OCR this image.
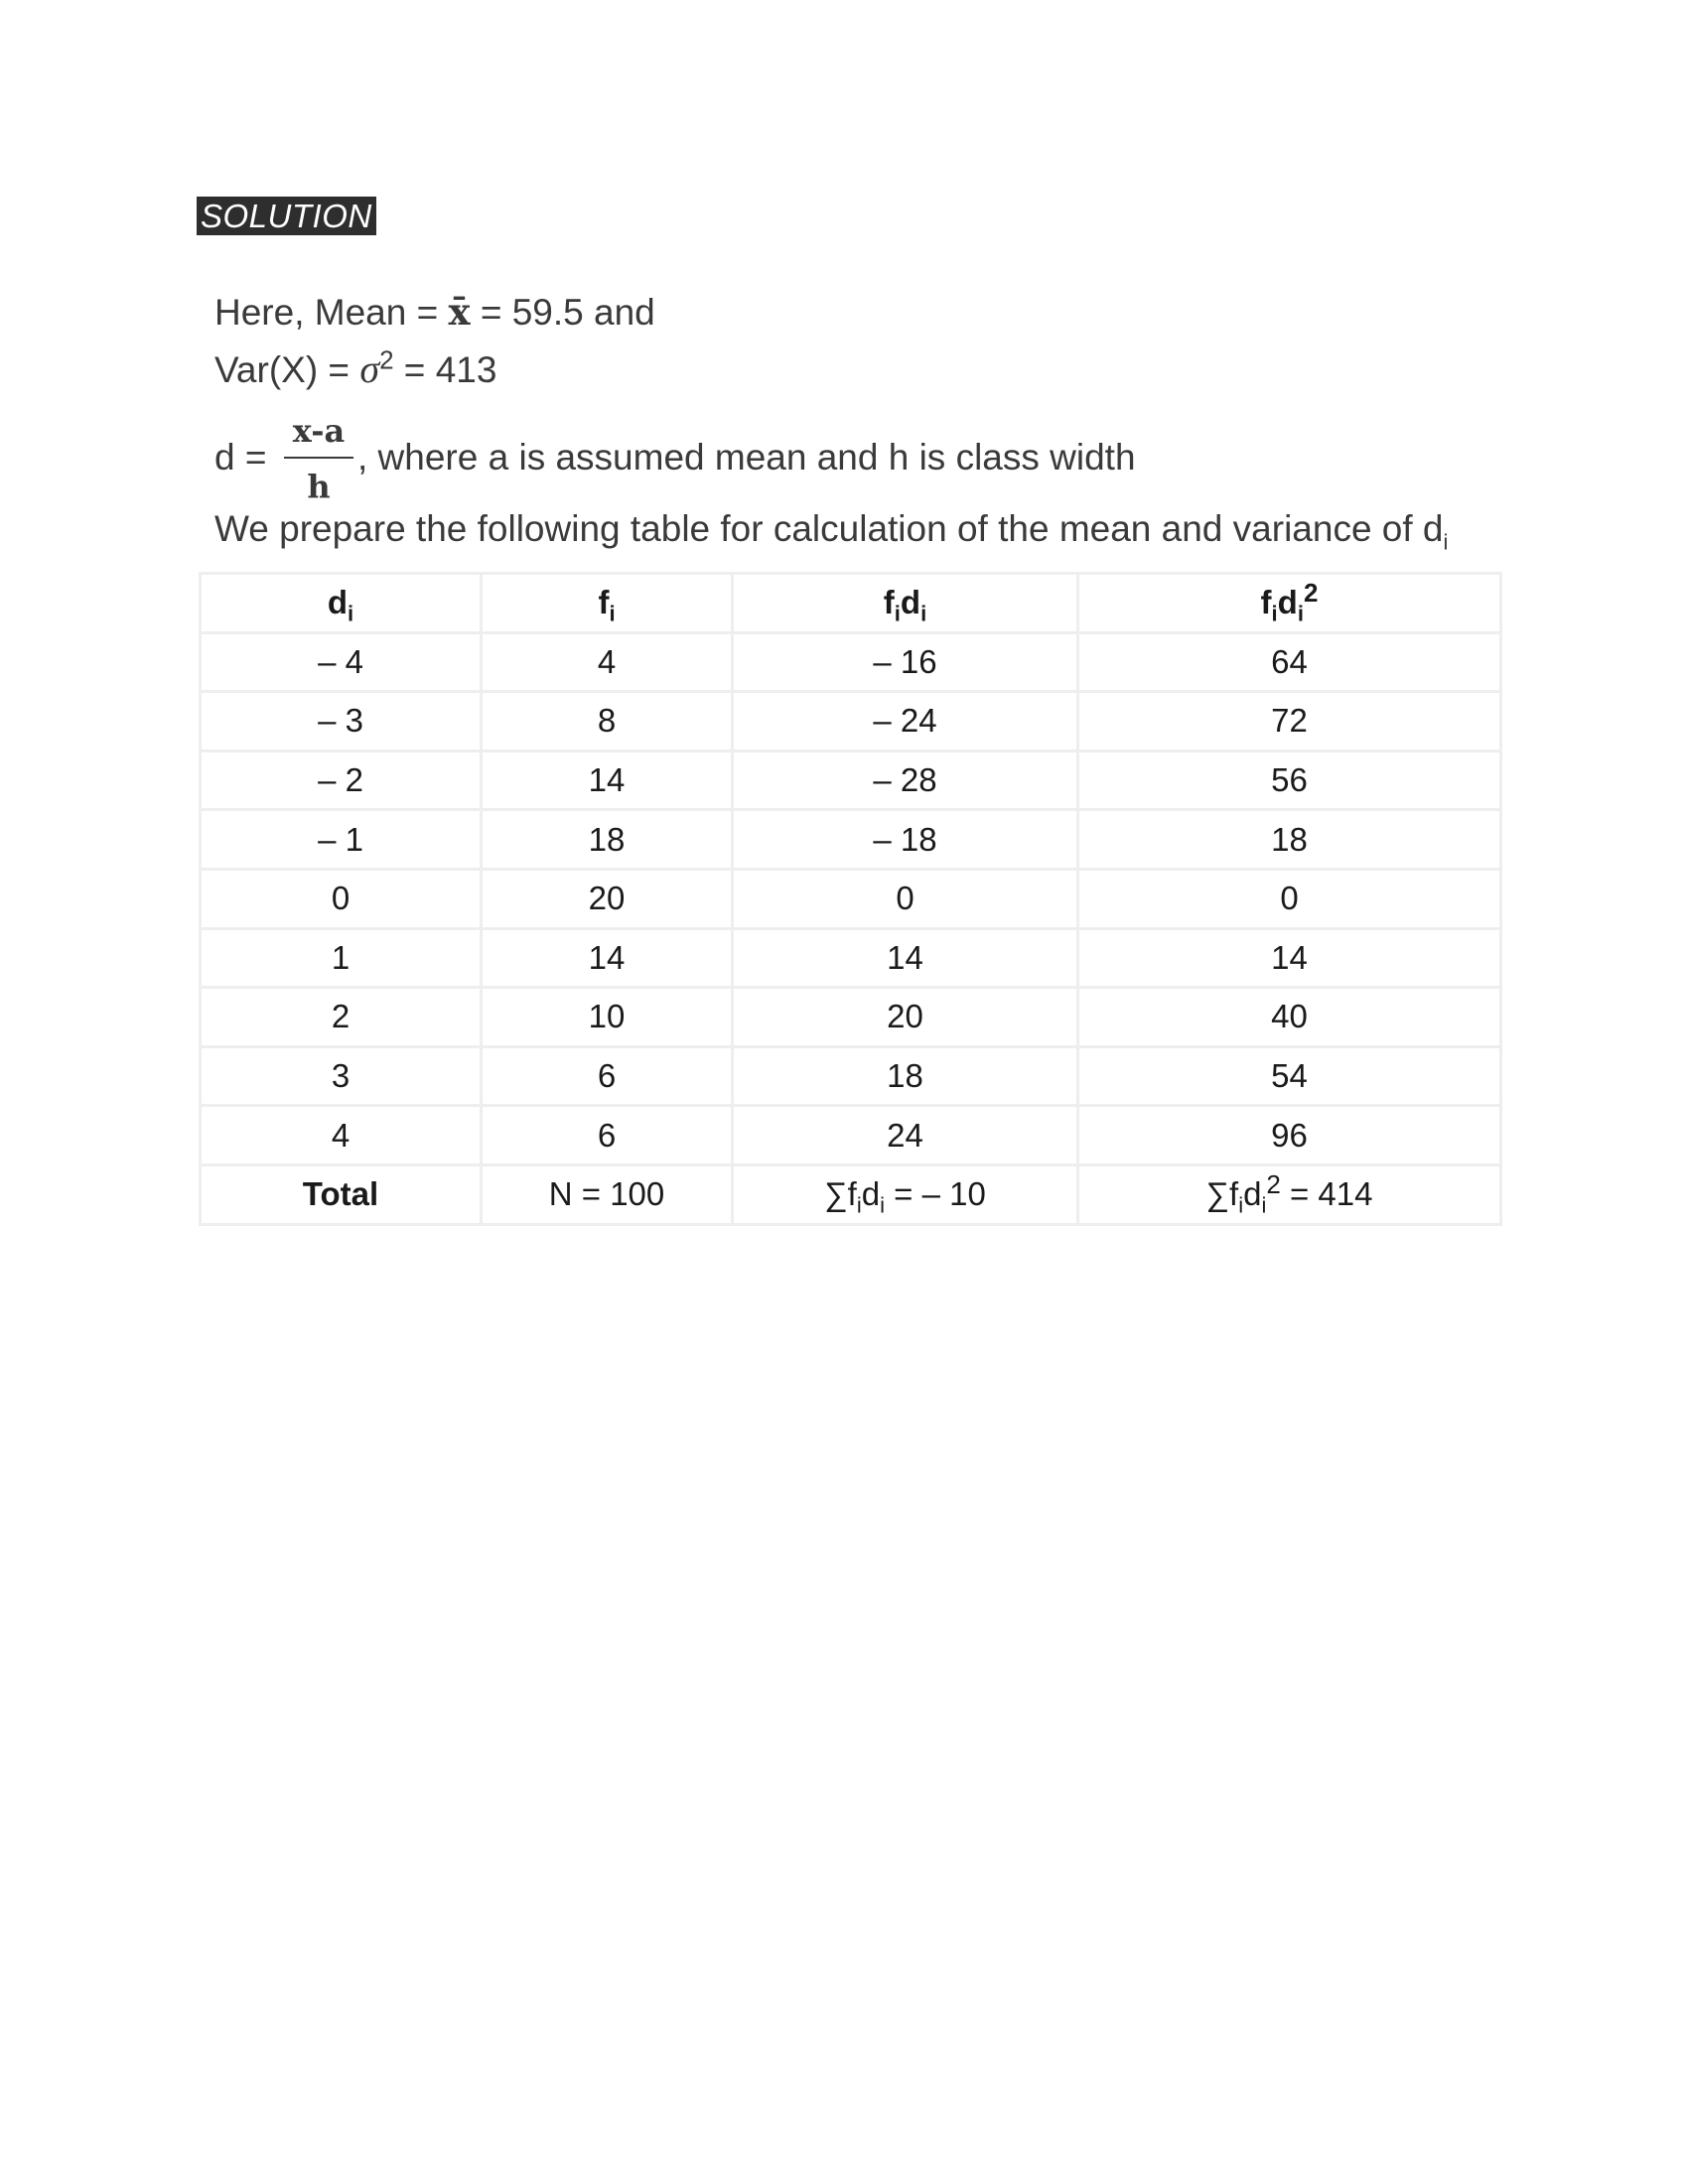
SOLUTION
Here, Mean = x̄ = 59.5 and
$Var(X) = \sigma^2 = 413$
d =
x-a
h
, where a is assumed mean and h is class width
We prepare the following table for calculation of the mean and variance of $d_i$
$d_i$	$f_i$	$f_id_i$	$f_id_i^2$
– 4	4	– 16	64
– 3	8	– 24	72
– 2	14	– 28	56
– 1	18	– 18	18
0	20	0	0
1	14	14	14
2	10	20	40
3	6	18	54
4	6	24	96
Total	N = 100	$\sum f_id_i$ = – 10	$\sum f_id_i^2 = 414$
